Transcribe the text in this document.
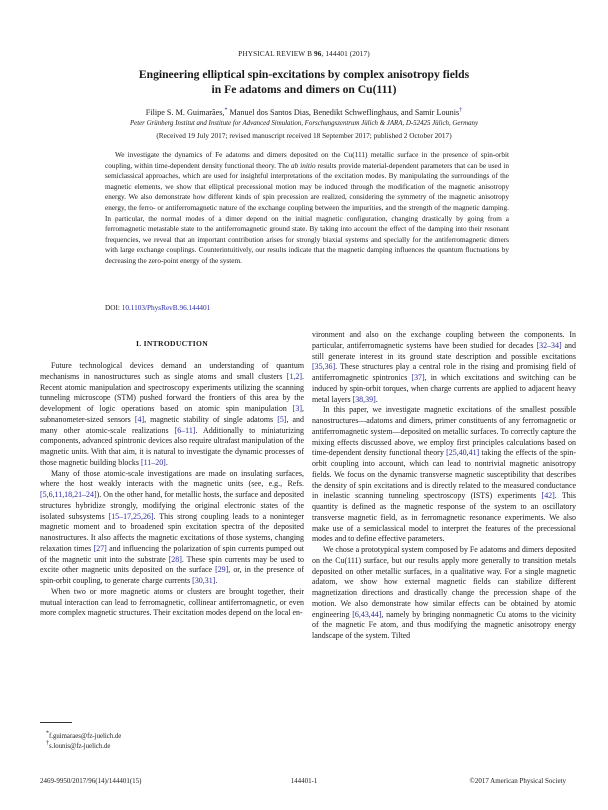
PHYSICAL REVIEW B 96, 144401 (2017)
Engineering elliptical spin-excitations by complex anisotropy fields
in Fe adatoms and dimers on Cu(111)
Filipe S. M. Guimarães,* Manuel dos Santos Dias, Benedikt Schweflinghaus, and Samir Lounis†
Peter Grünberg Institut and Institute for Advanced Simulation, Forschungszentrum Jülich & JARA, D-52425 Jülich, Germany
(Received 19 July 2017; revised manuscript received 18 September 2017; published 2 October 2017)
We investigate the dynamics of Fe adatoms and dimers deposited on the Cu(111) metallic surface in the presence of spin-orbit coupling, within time-dependent density functional theory. The ab initio results provide material-dependent parameters that can be used in semiclassical approaches, which are used for insightful interpretations of the excitation modes. By manipulating the surroundings of the magnetic elements, we show that elliptical precessional motion may be induced through the modification of the magnetic anisotropy energy. We also demonstrate how different kinds of spin precession are realized, considering the symmetry of the magnetic anisotropy energy, the ferro- or antiferromagnetic nature of the exchange coupling between the impurities, and the strength of the magnetic damping. In particular, the normal modes of a dimer depend on the initial magnetic configuration, changing drastically by going from a ferromagnetic metastable state to the antiferromagnetic ground state. By taking into account the effect of the damping into their resonant frequencies, we reveal that an important contribution arises for strongly biaxial systems and specially for the antiferromagnetic dimers with large exchange couplings. Counterintuitively, our results indicate that the magnetic damping influences the quantum fluctuations by decreasing the zero-point energy of the system.
DOI: 10.1103/PhysRevB.96.144401
I. INTRODUCTION

Future technological devices demand an understanding of quantum mechanisms in nanostructures such as single atoms and small clusters [1,2]. Recent atomic manipulation and spectroscopy experiments utilizing the scanning tunneling microscope (STM) pushed forward the frontiers of this area by the development of logic operations based on atomic spin manipulation [3], subnanometer-sized sensors [4], magnetic stability of single adatoms [5], and many other atomic-scale realizations [6–11]. Additionally to miniaturizing components, advanced spintronic devices also require ultrafast manipulation of the magnetic units. With that aim, it is natural to investigate the dynamic processes of those magnetic building blocks [11–20].

Many of those atomic-scale investigations are made on insulating surfaces, where the host weakly interacts with the magnetic units (see, e.g., Refs. [5,6,11,18,21–24]). On the other hand, for metallic hosts, the surface and deposited structures hybridize strongly, modifying the original electronic states of the isolated subsystems [15–17,25,26]. This strong coupling leads to a noninteger magnetic moment and to broadened spin excitation spectra of the deposited nanostructures. It also affects the magnetic excitations of those systems, changing relaxation times [27] and influencing the polarization of spin currents pumped out of the magnetic unit into the substrate [28]. These spin currents may be used to excite other magnetic units deposited on the surface [29], or, in the presence of spin-orbit coupling, to generate charge currents [30,31].

When two or more magnetic atoms or clusters are brought together, their mutual interaction can lead to ferromagnetic, collinear antiferromagnetic, or even more complex magnetic structures. Their excitation modes depend on the local en-

vironment and also on the exchange coupling between the components. In particular, antiferromagnetic systems have been studied for decades [32–34] and still generate interest in its ground state description and possible excitations [35,36]. These structures play a central role in the rising and promising field of antiferromagnetic spintronics [37], in which excitations and switching can be induced by spin-orbit torques, when charge currents are applied to adjacent heavy metal layers [38,39].

In this paper, we investigate magnetic excitations of the smallest possible nanostructures—adatoms and dimers, primer constituents of any ferromagnetic or antiferromagnetic system—deposited on metallic surfaces. To correctly capture the mixing effects discussed above, we employ first principles calculations based on time-dependent density functional theory [25,40,41] taking the effects of the spin-orbit coupling into account, which can lead to nontrivial magnetic anisotropy fields. We focus on the dynamic transverse magnetic susceptibility that describes the density of spin excitations and is directly related to the measured conductance in inelastic scanning tunneling spectroscopy (ISTS) experiments [42]. This quantity is defined as the magnetic response of the system to an oscillatory transverse magnetic field, as in ferromagnetic resonance experiments. We also make use of a semiclassical model to interpret the features of the precessional modes and to define effective parameters.

We chose a prototypical system composed by Fe adatoms and dimers deposited on the Cu(111) surface, but our results apply more generally to transition metals deposited on other metallic surfaces, in a qualitative way. For a single magnetic adatom, we show how external magnetic fields can stabilize different magnetization directions and drastically change the precession shape of the motion. We also demonstrate how similar effects can be obtained by atomic engineering [6,43,44], namely by bringing nonmagnetic Cu atoms to the vicinity of the magnetic Fe atom, and thus modifying the magnetic anisotropy energy landscape of the system. Tilted

*f.guimaraes@fz-juelich.de
†s.lounis@fz-juelich.de
2469-9950/2017/96(14)/144401(15)	144401-1	©2017 American Physical Society
